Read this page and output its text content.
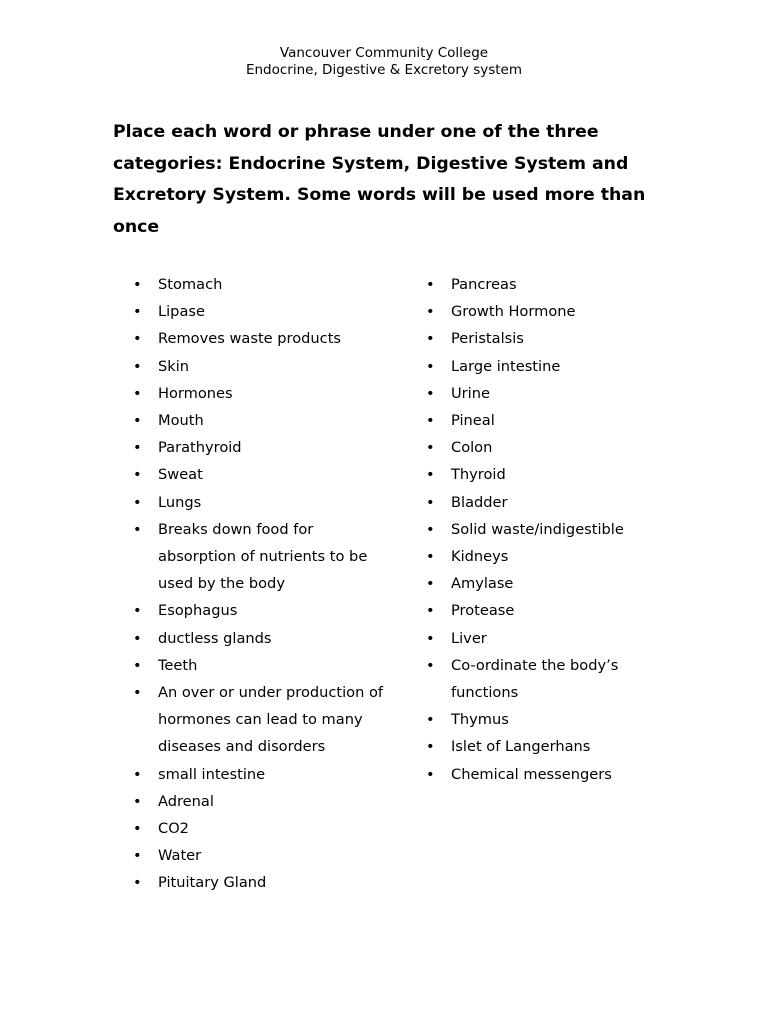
Vancouver Community College
Endocrine, Digestive & Excretory system

Place each word or phrase under one of the three categories: Endocrine System, Digestive System and Excretory System. Some words will be used more than once

• Stomach
• Lipase
• Removes waste products
• Skin
• Hormones
• Mouth
• Parathyroid
• Sweat
• Lungs
• Breaks down food for absorption of nutrients to be used by the body
• Esophagus
• ductless glands
• Teeth
• An over or under production of hormones can lead to many diseases and disorders
• small intestine
• Adrenal
• CO2
• Water
• Pituitary Gland
• Pancreas
• Growth Hormone
• Peristalsis
• Large intestine
• Urine
• Pineal
• Colon
• Thyroid
• Bladder
• Solid waste/indigestible
• Kidneys
• Amylase
• Protease
• Liver
• Co-ordinate the body’s functions
• Thymus
• Islet of Langerhans
• Chemical messengers
